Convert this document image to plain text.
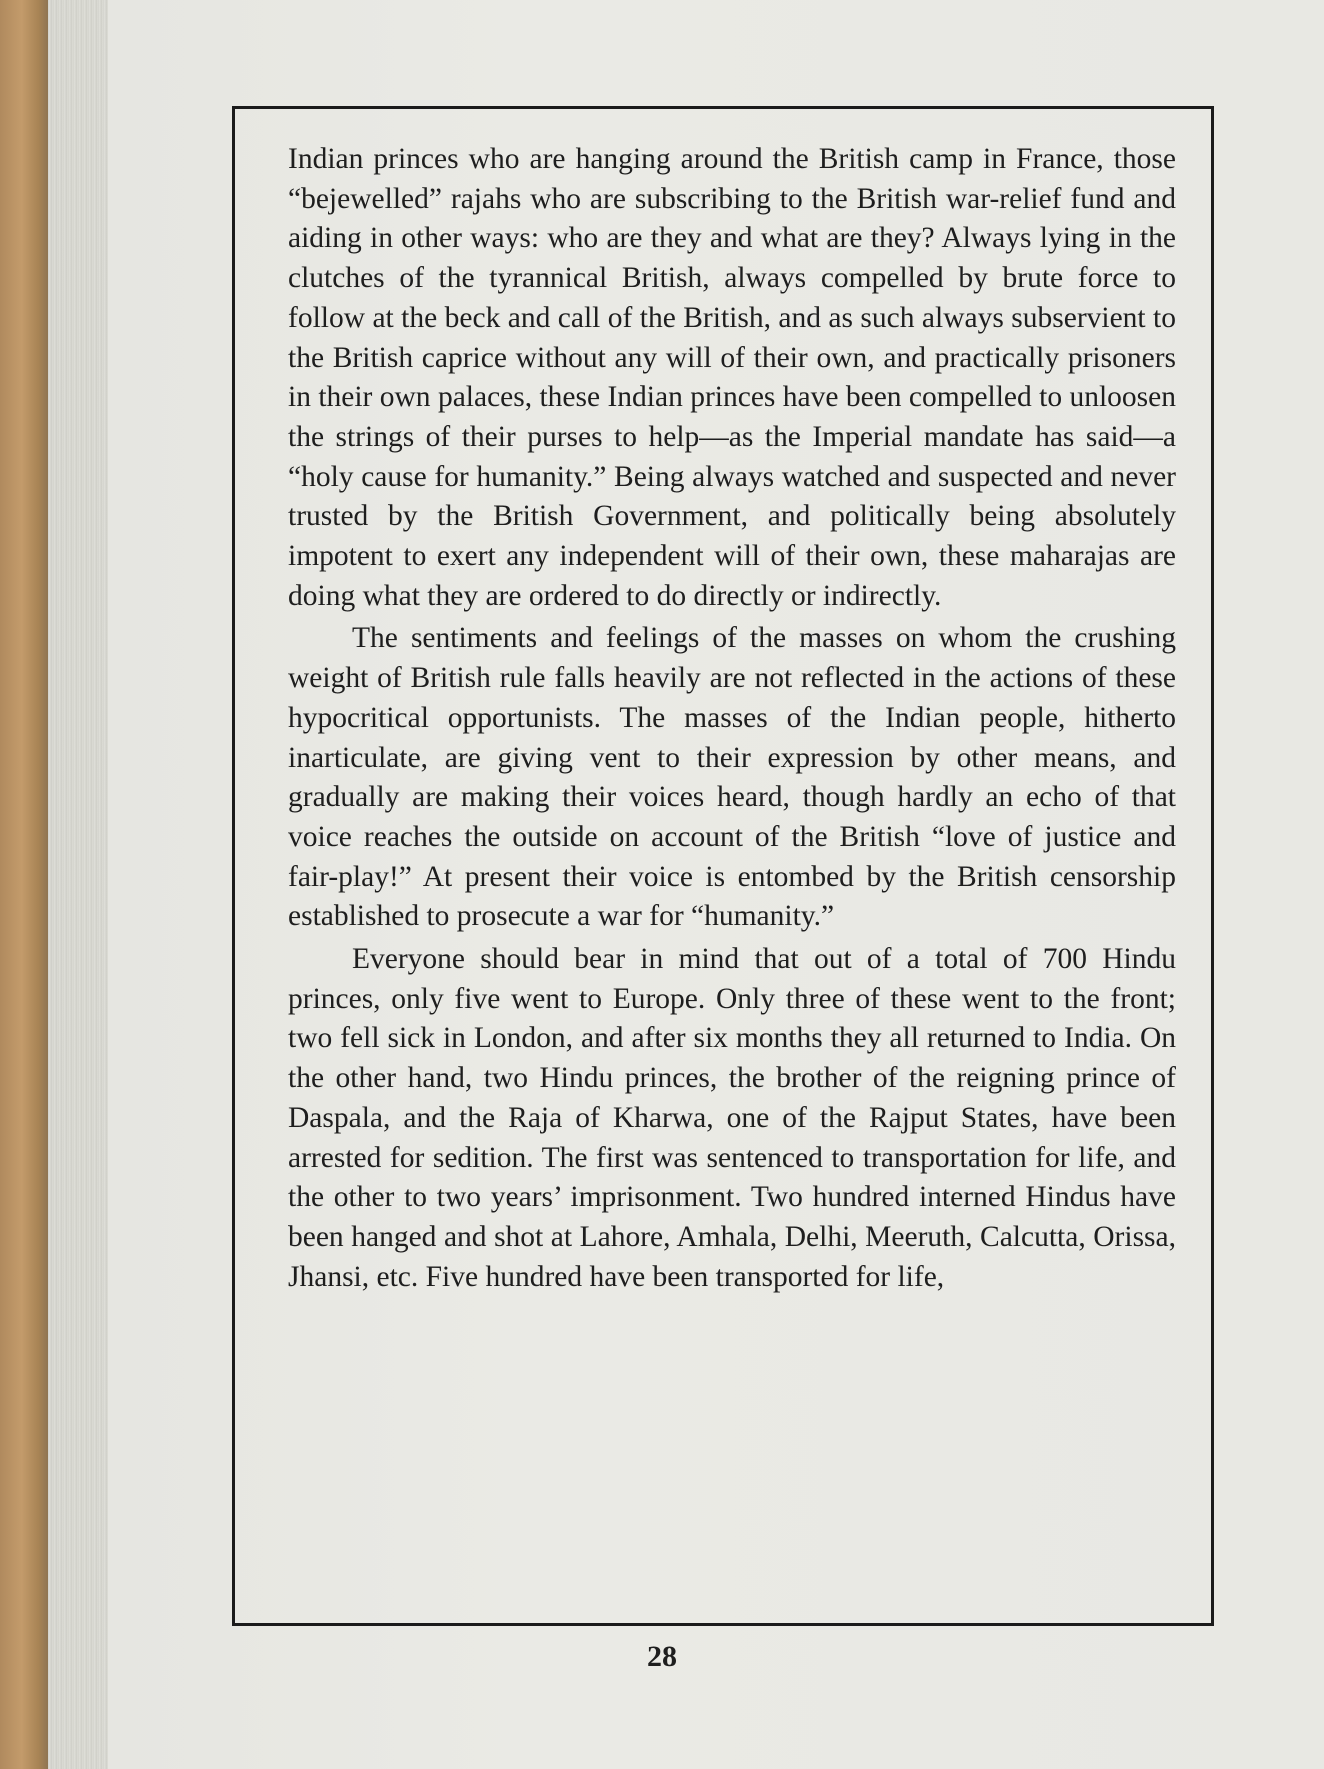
Indian princes who are hanging around the British camp in France, those “bejewelled” rajahs who are subscribing to the British war-relief fund and aiding in other ways: who are they and what are they? Always lying in the clutches of the tyrannical British, always compelled by brute force to follow at the beck and call of the British, and as such always subservient to the British caprice without any will of their own, and practically prisoners in their own palaces, these Indian princes have been compelled to unloosen the strings of their purses to help—as the Imperial mandate has said—a “holy cause for humanity.” Being always watched and suspected and never trusted by the British Government, and politically being absolutely impotent to exert any independent will of their own, these maharajas are doing what they are ordered to do directly or indirectly.

The sentiments and feelings of the masses on whom the crushing weight of British rule falls heavily are not reflected in the actions of these hypocritical opportunists. The masses of the Indian people, hitherto inarticulate, are giving vent to their expression by other means, and gradually are making their voices heard, though hardly an echo of that voice reaches the outside on account of the British “love of justice and fair-play!” At present their voice is entombed by the British censorship established to prosecute a war for “humanity.”

Everyone should bear in mind that out of a total of 700 Hindu princes, only five went to Europe. Only three of these went to the front; two fell sick in London, and after six months they all returned to India. On the other hand, two Hindu princes, the brother of the reigning prince of Daspala, and the Raja of Kharwa, one of the Rajput States, have been arrested for sedition. The first was sentenced to transportation for life, and the other to two years’ imprisonment. Two hundred interned Hindus have been hanged and shot at Lahore, Amhala, Delhi, Meeruth, Calcutta, Orissa, Jhansi, etc. Five hundred have been transported for life,

28
